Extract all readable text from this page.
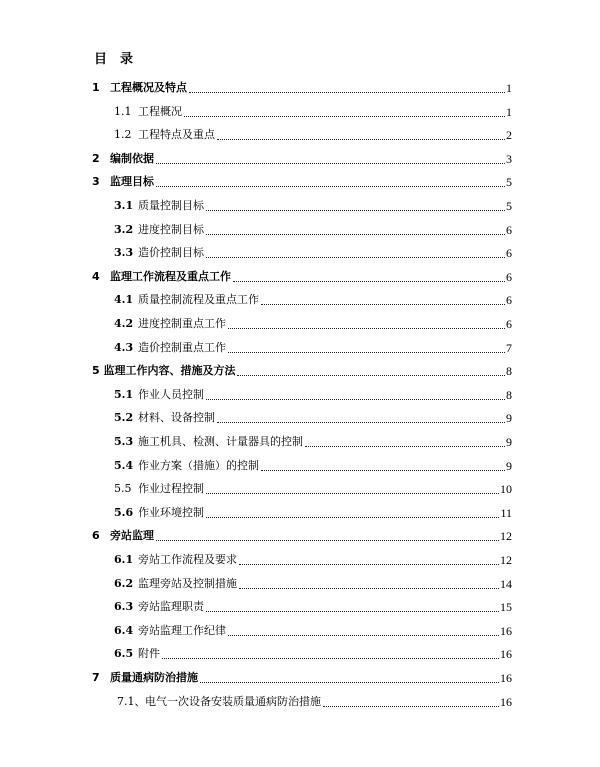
目录
1 工程概况及特点	1
1.1 工程概况	1
1.2 工程特点及重点	2
2 编制依据	3
3 监理目标	5
3.1 质量控制目标	5
3.2 进度控制目标	6
3.3 造价控制目标	6
4 监理工作流程及重点工作	6
4.1 质量控制流程及重点工作	6
4.2 进度控制重点工作	6
4.3 造价控制重点工作	7
5 监理工作内容、措施及方法	8
5.1 作业人员控制	8
5.2 材料、设备控制	9
5.3 施工机具、检测、计量器具的控制	9
5.4 作业方案（措施）的控制	9
5.5 作业过程控制	10
5.6 作业环境控制	11
6 旁站监理	12
6.1 旁站工作流程及要求	12
6.2 监理旁站及控制措施	14
6.3 旁站监理职责	15
6.4 旁站监理工作纪律	16
6.5 附件	16
7 质量通病防治措施	16
7.1、 电气一次设备安装质量通病防治措施	16
